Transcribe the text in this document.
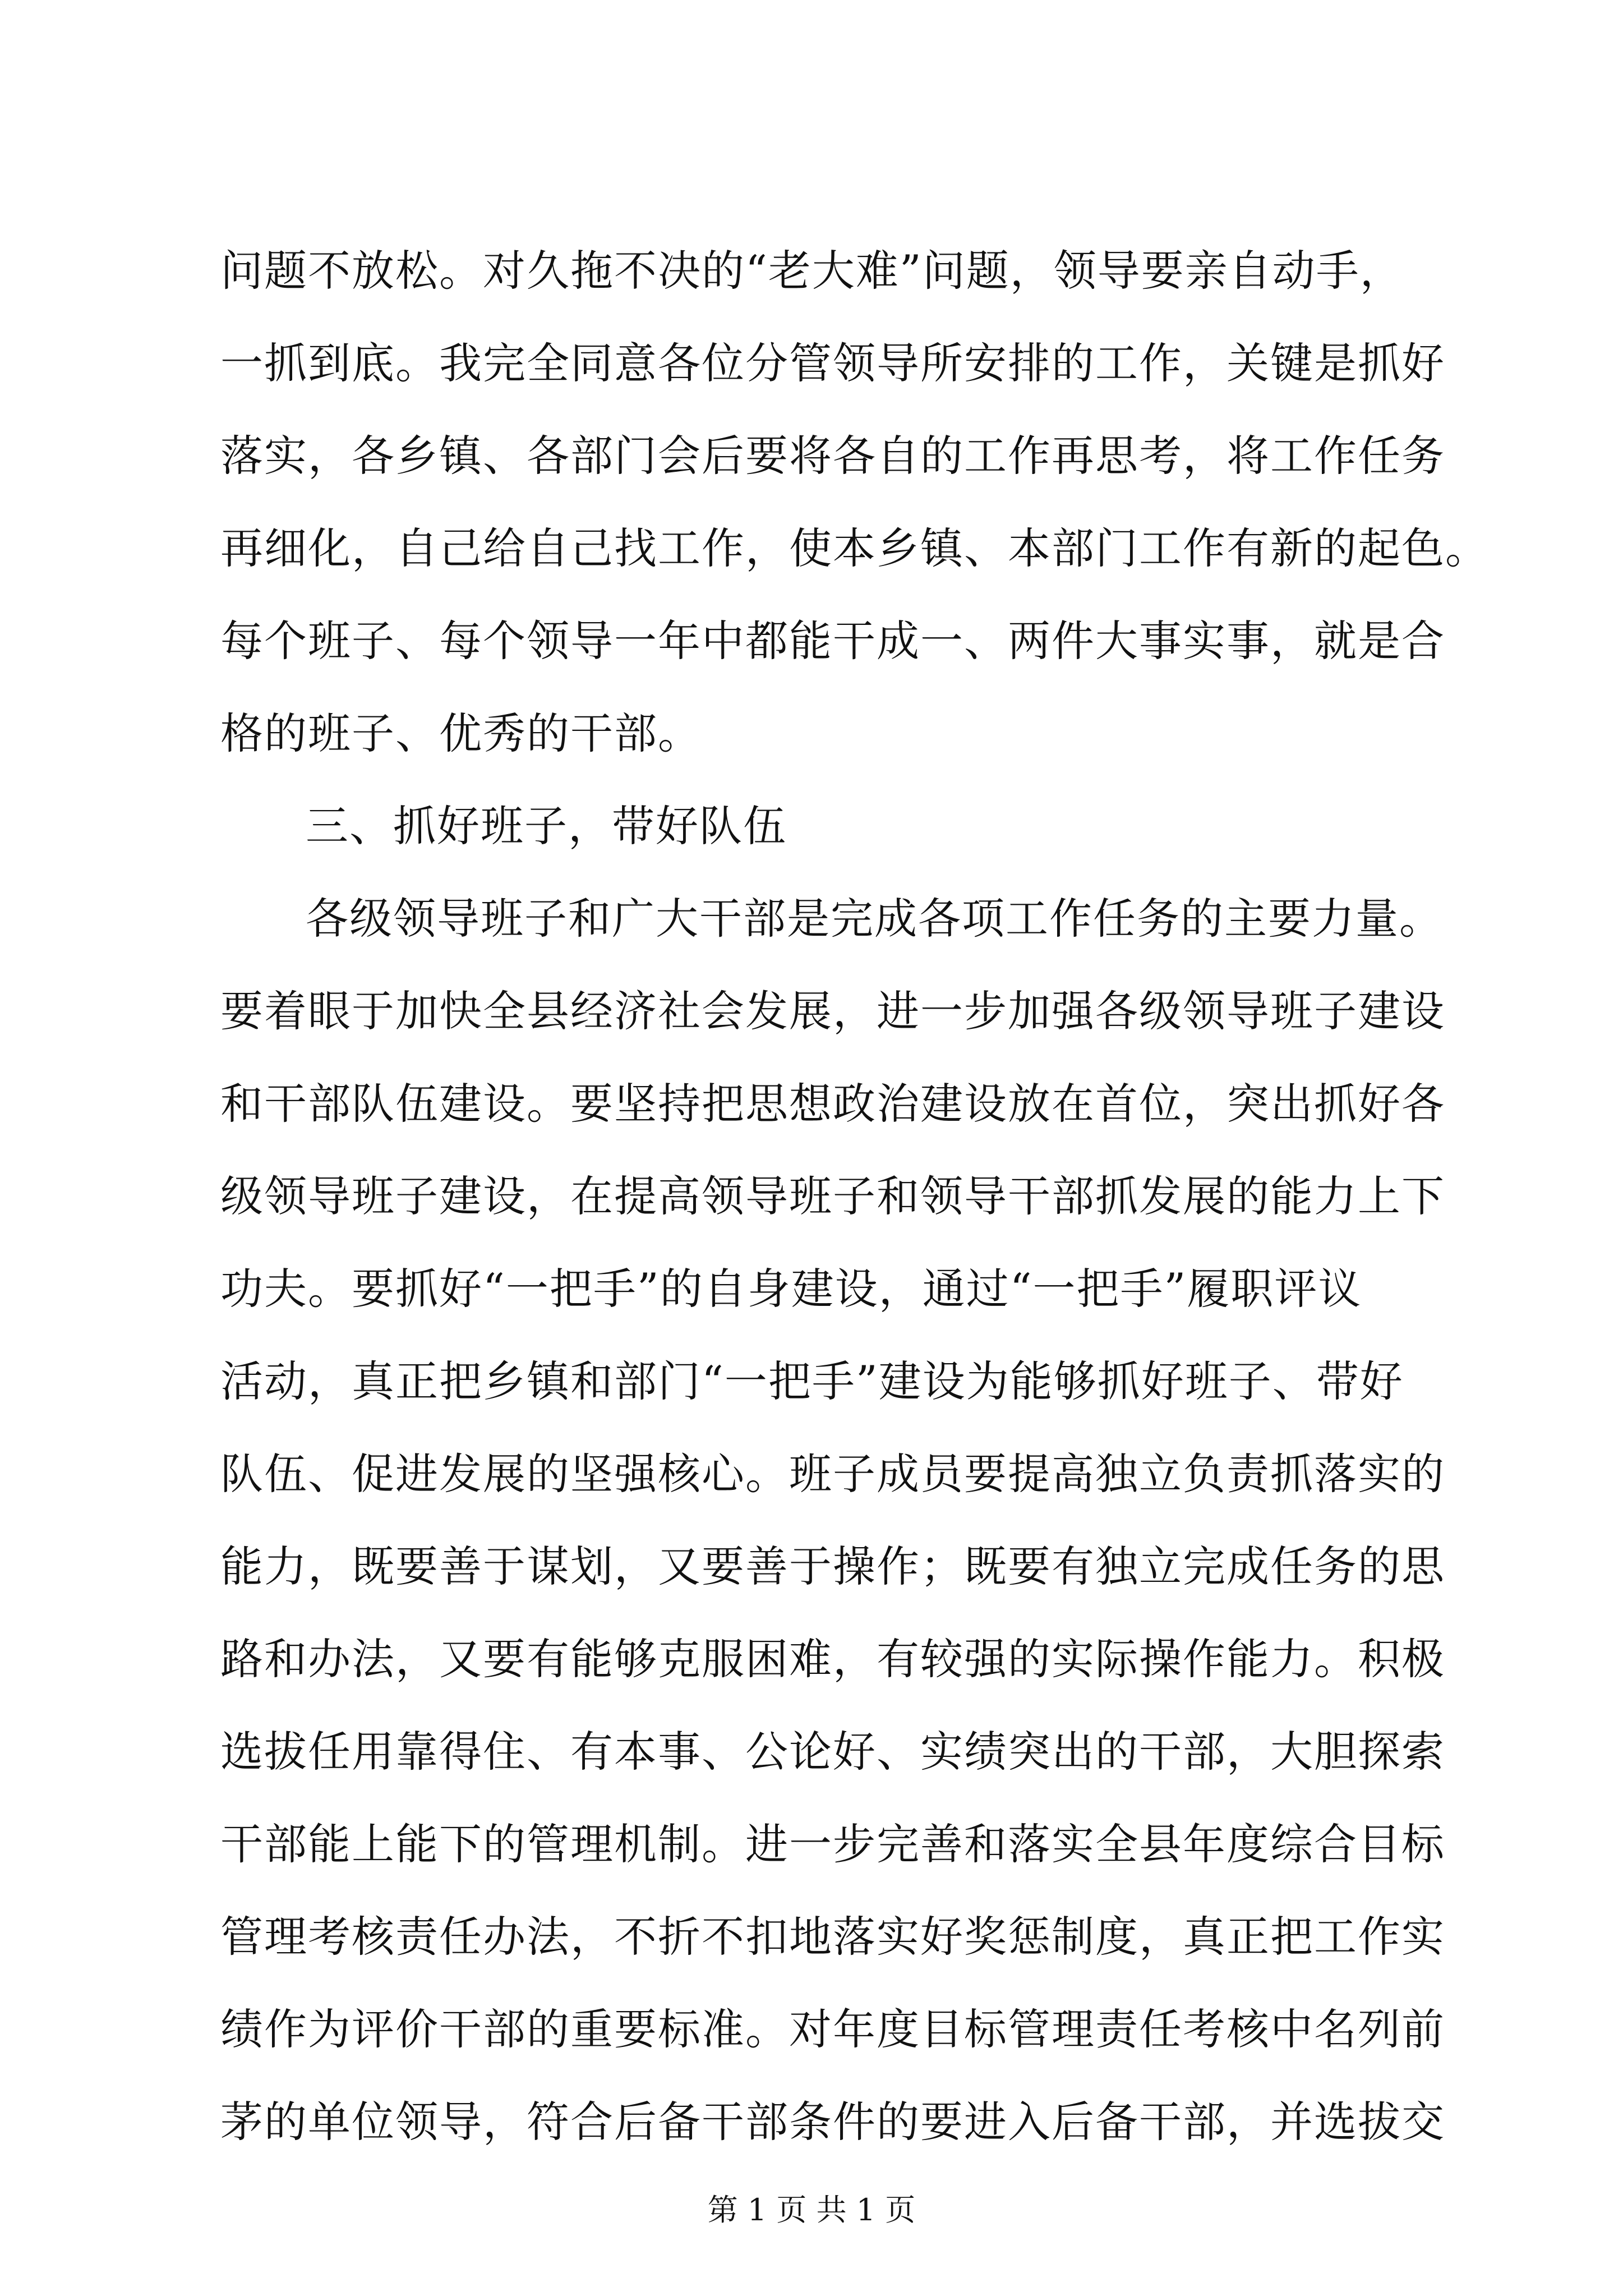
问题不放松。对久拖不决的“老大难”问题，领导要亲自动手，
一抓到底。我完全同意各位分管领导所安排的工作，关键是抓好
落实，各乡镇、各部门会后要将各自的工作再思考，将工作任务
再细化，自己给自己找工作，使本乡镇、本部门工作有新的起色。
每个班子、每个领导一年中都能干成一、两件大事实事，就是合
格的班子、优秀的干部。
三、抓好班子，带好队伍
各级领导班子和广大干部是完成各项工作任务的主要力量。
要着眼于加快全县经济社会发展，进一步加强各级领导班子建设
和干部队伍建设。要坚持把思想政治建设放在首位，突出抓好各
级领导班子建设，在提高领导班子和领导干部抓发展的能力上下
功夫。要抓好“一把手”的自身建设，通过“一把手”履职评议
活动，真正把乡镇和部门“一把手”建设为能够抓好班子、带好
队伍、促进发展的坚强核心。班子成员要提高独立负责抓落实的
能力，既要善于谋划，又要善于操作；既要有独立完成任务的思
路和办法，又要有能够克服困难，有较强的实际操作能力。积极
选拔任用靠得住、有本事、公论好、实绩突出的干部，大胆探索
干部能上能下的管理机制。进一步完善和落实全县年度综合目标
管理考核责任办法，不折不扣地落实好奖惩制度，真正把工作实
绩作为评价干部的重要标准。对年度目标管理责任考核中名列前
茅的单位领导，符合后备干部条件的要进入后备干部，并选拔交
第 1 页 共 1 页
